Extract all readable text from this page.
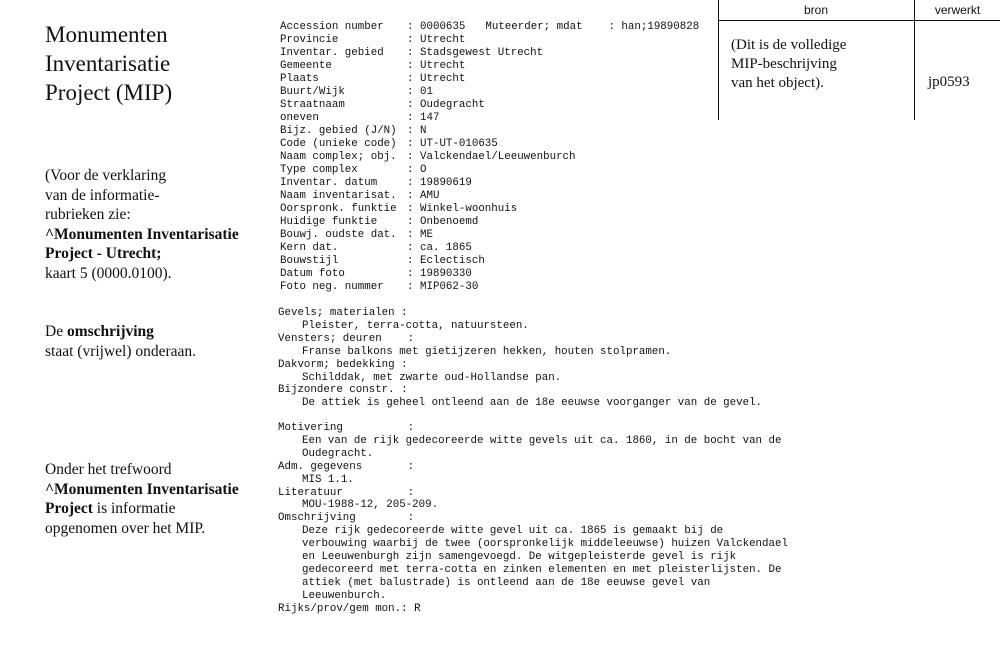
Monumenten
Inventarisatie
Project (MIP)
(Voor de verklaring
van de informatie-
rubrieken zie:
^Monumenten Inventarisatie
Project - Utrecht;
kaart 5 (0000.0100).
De omschrijving
staat (vrijwel) onderaan.
Onder het trefwoord
^Monumenten Inventarisatie
Project is informatie
opgenomen over het MIP.
Accession number : 0000635 Muteerder; mdat    : han;19890828
Provincie	: Utrecht
Inventar. gebied : Stadsgewest Utrecht
Gemeente	: Utrecht
Plaats	: Utrecht
Buurt/Wijk	: 01
Straatnaam	: Oudegracht
oneven	: 147
Bijz. gebied (J/N) : N
Code (unieke code) : UT-UT-010635
Naam complex; obj. : Valckendael/Leeuwenburch
Type complex	: O
Inventar. datum	: 19890619
Naam inventarisat. : AMU
Oorspronk. funktie : Winkel-woonhuis
Huidige funktie	: Onbenoemd
Bouwj. oudste dat. : ME
Kern dat.	: ca. 1865
Bouwstijl	: Eclectisch
Datum foto	: 19890330
Foto neg. nummer : MIP062-30
Gevels; materialen :
Pleister, terra-cotta, natuursteen.
Vensters; deuren    :
Franse balkons met gietijzeren hekken, houten stolpramen.
Dakvorm; bedekking :
Schilddak, met zwarte oud-Hollandse pan.
Bijzondere constr. :
De attiek is geheel ontleend aan de 18e eeuwse voorganger van de gevel.
Motivering          :
Een van de rijk gedecoreerde witte gevels uit ca. 1860, in de bocht van de
Oudegracht.
Adm. gegevens       :
MIS 1.1.
Literatuur          :
MOU-1988-12, 205-209.
Omschrijving        :
Deze rijk gedecoreerde witte gevel uit ca. 1865 is gemaakt bij de
verbouwing waarbij de twee (oorspronkelijk middeleeuwse) huizen Valckendael
en Leeuwenburgh zijn samengevoegd. De witgepleisterde gevel is rijk
gedecoreerd met terra-cotta en zinken elementen en met pleisterlijsten. De
attiek (met balustrade) is ontleend aan de 18e eeuwse gevel van
Leeuwenburch.
Rijks/prov/gem mon.: R
bron	verwerkt
(Dit is de volledige
MIP-beschrijving
van het object).	jp0593
